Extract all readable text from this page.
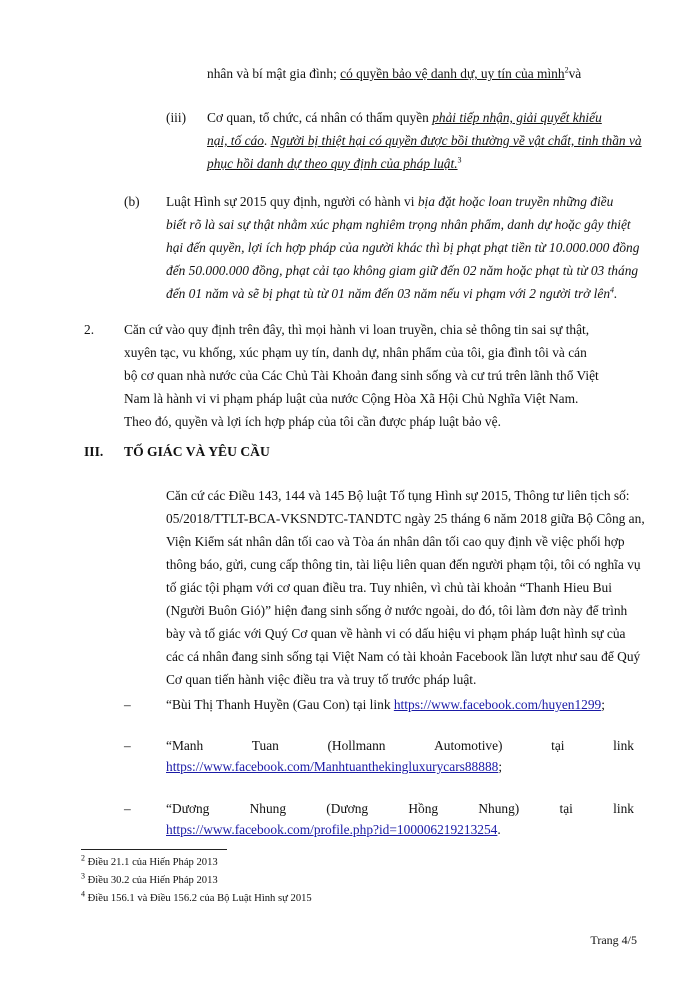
nhân và bí mật gia đình; có quyền bảo vệ danh dự, uy tín của mình$^2$và
(iii) Cơ quan, tổ chức, cá nhân có thẩm quyền phải tiếp nhận, giải quyết khiếu
nại, tố cáo. Người bị thiệt hại có quyền được bồi thường về vật chất, tinh thần và
phục hồi danh dự theo quy định của pháp luật.$^3$
(b) Luật Hình sự 2015 quy định, người có hành vi bịa đặt hoặc loan truyền những điều
biết rõ là sai sự thật nhằm xúc phạm nghiêm trọng nhân phẩm, danh dự hoặc gây thiệt
hại đến quyền, lợi ích hợp pháp của người khác thì bị phạt phạt tiền từ 10.000.000 đồng
đến 50.000.000 đồng, phạt cải tạo không giam giữ đến 02 năm hoặc phạt tù từ 03 tháng
đến 01 năm và sẽ bị phạt tù từ 01 năm đến 03 năm nếu vi phạm với 2 người trở lên$^4$.
2. Căn cứ vào quy định trên đây, thì mọi hành vi loan truyền, chia sẻ thông tin sai sự thật,
xuyên tạc, vu khống, xúc phạm uy tín, danh dự, nhân phẩm của tôi, gia đình tôi và cán
bộ cơ quan nhà nước của Các Chủ Tài Khoản đang sinh sống và cư trú trên lãnh thổ Việt
Nam là hành vi vi phạm pháp luật của nước Cộng Hòa Xã Hội Chủ Nghĩa Việt Nam.
Theo đó, quyền và lợi ích hợp pháp của tôi cần được pháp luật bảo vệ.
III. TỐ GIÁC VÀ YÊU CẦU
Căn cứ các Điều 143, 144 và 145 Bộ luật Tố tụng Hình sự 2015, Thông tư liên tịch số:
05/2018/TTLT-BCA-VKSNDTC-TANDTC ngày 25 tháng 6 năm 2018 giữa Bộ Công an,
Viện Kiểm sát nhân dân tối cao và Tòa án nhân dân tối cao quy định về việc phối hợp
thông báo, gửi, cung cấp thông tin, tài liệu liên quan đến người phạm tội, tôi có nghĩa vụ
tố giác tội phạm với cơ quan điều tra. Tuy nhiên, vì chủ tài khoản “Thanh Hieu Bui
(Người Buôn Gió)” hiện đang sinh sống ở nước ngoài, do đó, tôi làm đơn này để trình
bày và tố giác với Quý Cơ quan về hành vi có dấu hiệu vi phạm pháp luật hình sự của
các cá nhân đang sinh sống tại Việt Nam có tài khoản Facebook lần lượt như sau để Quý
Cơ quan tiến hành việc điều tra và truy tố trước pháp luật.
–	“Bùi Thị Thanh Huyền (Gau Con) tại link https://www.facebook.com/huyen1299;
–	“Manh	Tuan	(Hollmann	Automotive)	tại	link
https://www.facebook.com/Manhtuanthekingluxurycars88888;
–	“Dương	Nhung	(Dương	Hồng	Nhung)	tại	link
https://www.facebook.com/profile.php?id=100006219213254.
$^2$ Điều 21.1 của Hiến Pháp 2013
$^3$ Điều 30.2 của Hiến Pháp 2013
$^4$ Điều 156.1 và Điều 156.2 của Bộ Luật Hình sự 2015
Trang 4/5
